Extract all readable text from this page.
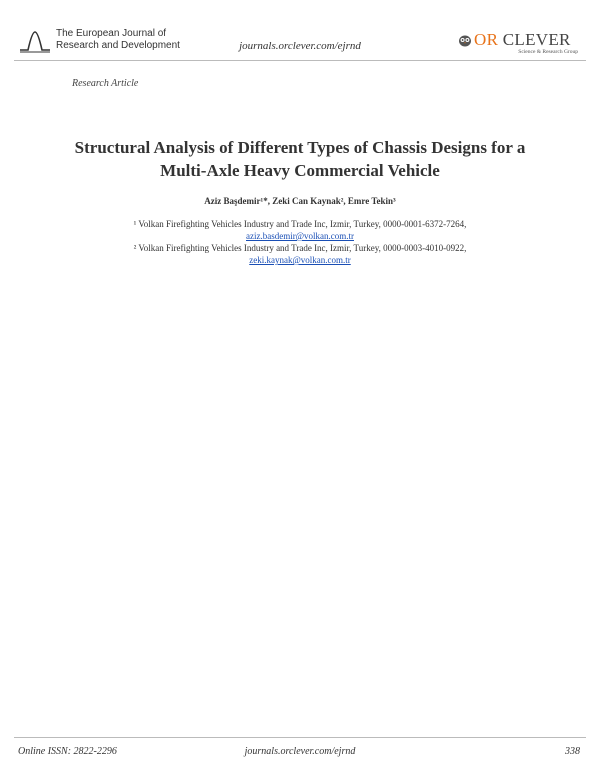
The European Journal of
Research and Development	journals.orclever.com/ejrnd	OR CLEVER
Science & Research Group
Research Article
Structural Analysis of Different Types of Chassis Designs for a Multi-Axle Heavy Commercial Vehicle
Aziz Başdemir¹*, Zeki Can Kaynak², Emre Tekin³
¹ Volkan Firefighting Vehicles Industry and Trade Inc, Izmir, Turkey, 0000-0001-6372-7264,
aziz.basdemir@volkan.com.tr
² Volkan Firefighting Vehicles Industry and Trade Inc, Izmir, Turkey, 0000-0003-4010-0922,
zeki.kaynak@volkan.com.tr
Online ISSN: 2822-2296	journals.orclever.com/ejrnd	338
